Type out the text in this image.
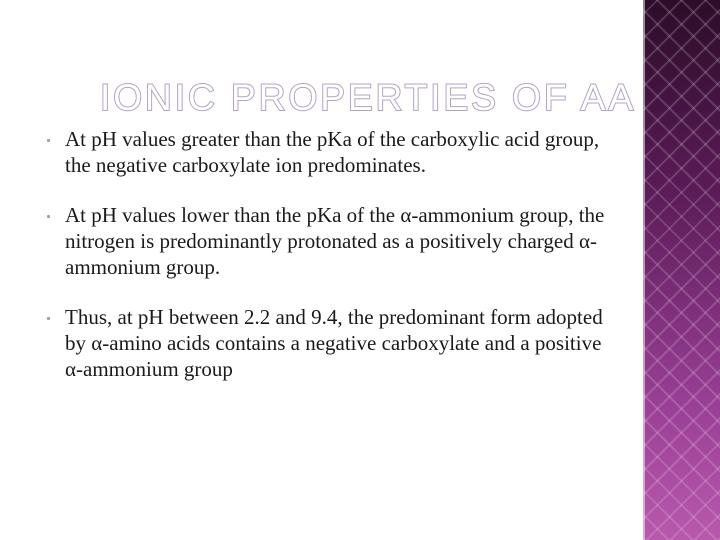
IONIC PROPERTIES OF AA
At pH values greater than the pKa of the carboxylic acid group, the negative carboxylate ion predominates.
At pH values lower than the pKa of the α-ammonium group, the nitrogen is predominantly protonated as a positively charged α-ammonium group.
Thus, at pH between 2.2 and 9.4, the predominant form adopted by α-amino acids contains a negative carboxylate and a positive α-ammonium group
